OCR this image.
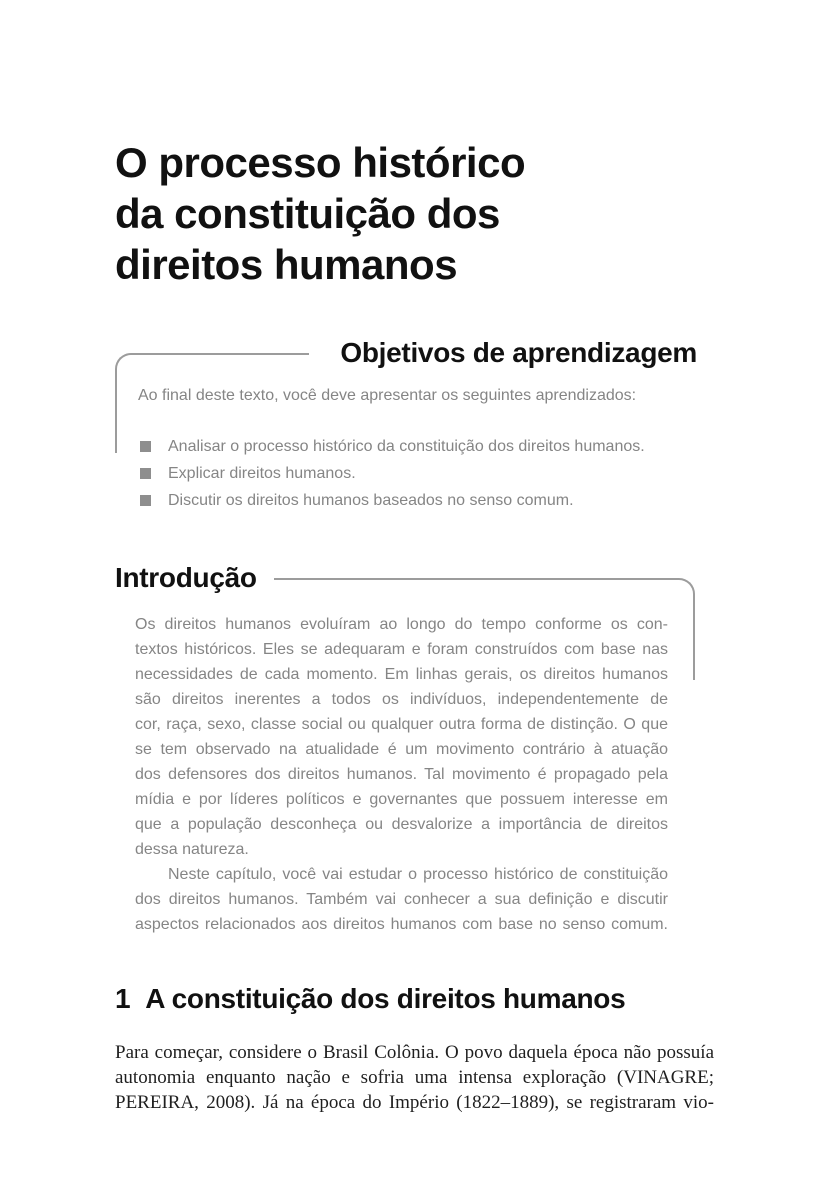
O processo histórico
da constituição dos
direitos humanos
Objetivos de aprendizagem

Ao final deste texto, você deve apresentar os seguintes aprendizados:

Analisar o processo histórico da constituição dos direitos humanos.
Explicar direitos humanos.
Discutir os direitos humanos baseados no senso comum.
Introdução
Os direitos humanos evoluíram ao longo do tempo conforme os con-
textos históricos. Eles se adequaram e foram construídos com base nas
necessidades de cada momento. Em linhas gerais, os direitos humanos
são direitos inerentes a todos os indivíduos, independentemente de
cor, raça, sexo, classe social ou qualquer outra forma de distinção. O que
se tem observado na atualidade é um movimento contrário à atuação
dos defensores dos direitos humanos. Tal movimento é propagado pela
mídia e por líderes políticos e governantes que possuem interesse em
que a população desconheça ou desvalorize a importância de direitos
dessa natureza.
Neste capítulo, você vai estudar o processo histórico de constituição
dos direitos humanos. Também vai conhecer a sua definição e discutir
aspectos relacionados aos direitos humanos com base no senso comum.
1 A constituição dos direitos humanos
Para começar, considere o Brasil Colônia. O povo daquela época não possuía
autonomia enquanto nação e sofria uma intensa exploração (VINAGRE;
PEREIRA, 2008). Já na época do Império (1822–1889), se registraram vio-
